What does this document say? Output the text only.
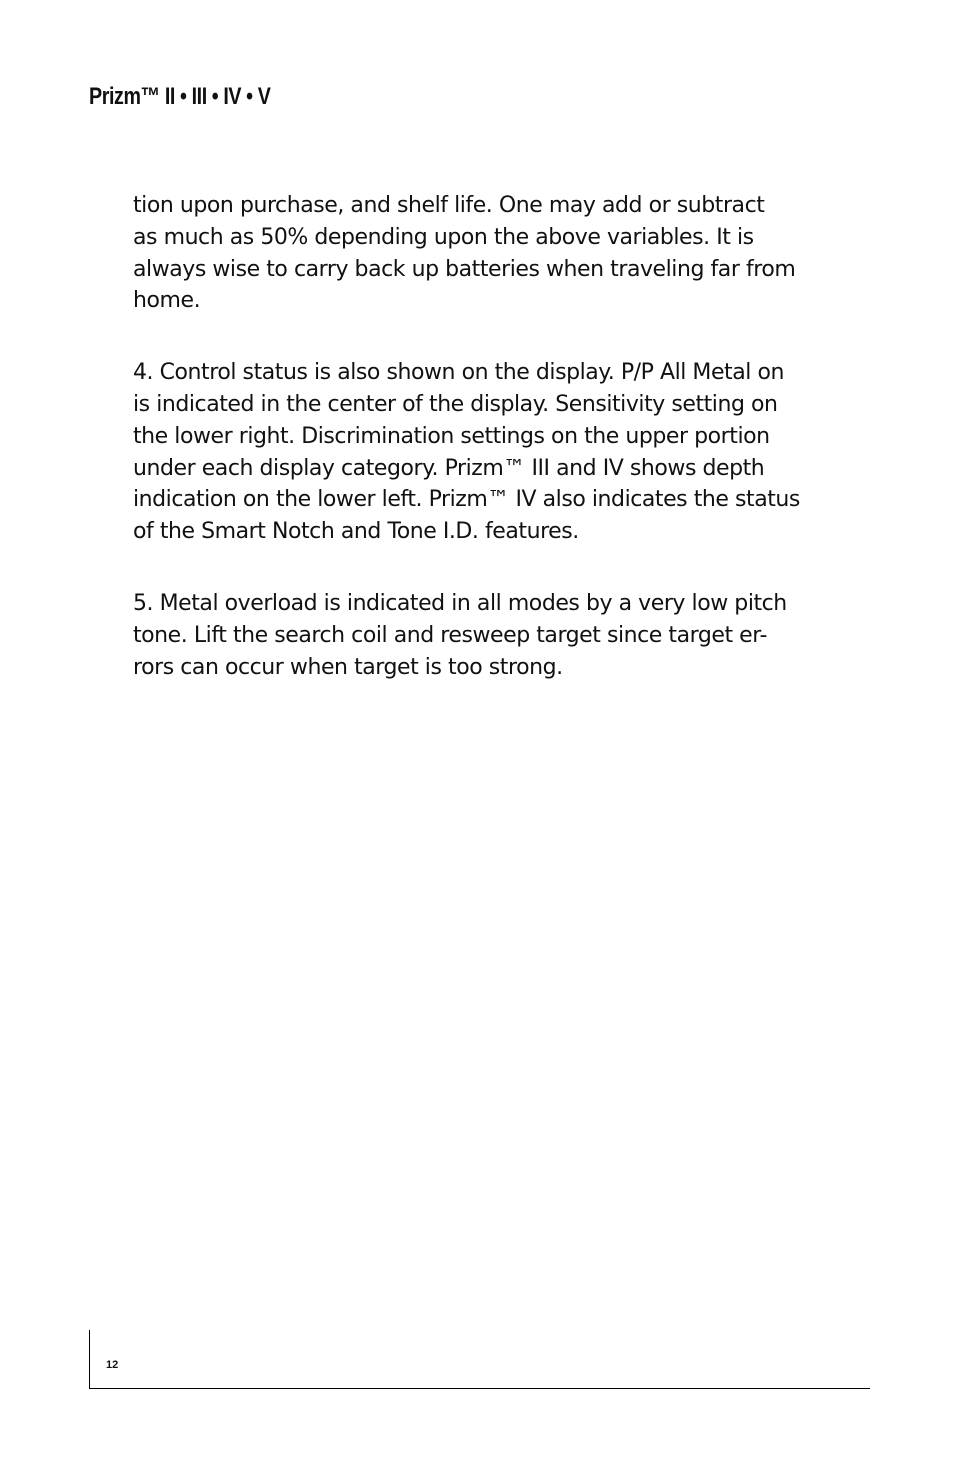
Prizm™ II • III • IV • V

tion upon purchase, and shelf life. One may add or subtract
as much as 50% depending upon the above variables. It is
always wise to carry back up batteries when traveling far from
home.

4. Control status is also shown on the display. P/P All Metal on
is indicated in the center of the display. Sensitivity setting on
the lower right. Discrimination settings on the upper portion
under each display category. Prizm™ III and IV shows depth
indication on the lower left. Prizm™ IV also indicates the status
of the Smart Notch and Tone I.D. features.

5. Metal overload is indicated in all modes by a very low pitch
tone. Lift the search coil and resweep target since target er-
rors can occur when target is too strong.

12
